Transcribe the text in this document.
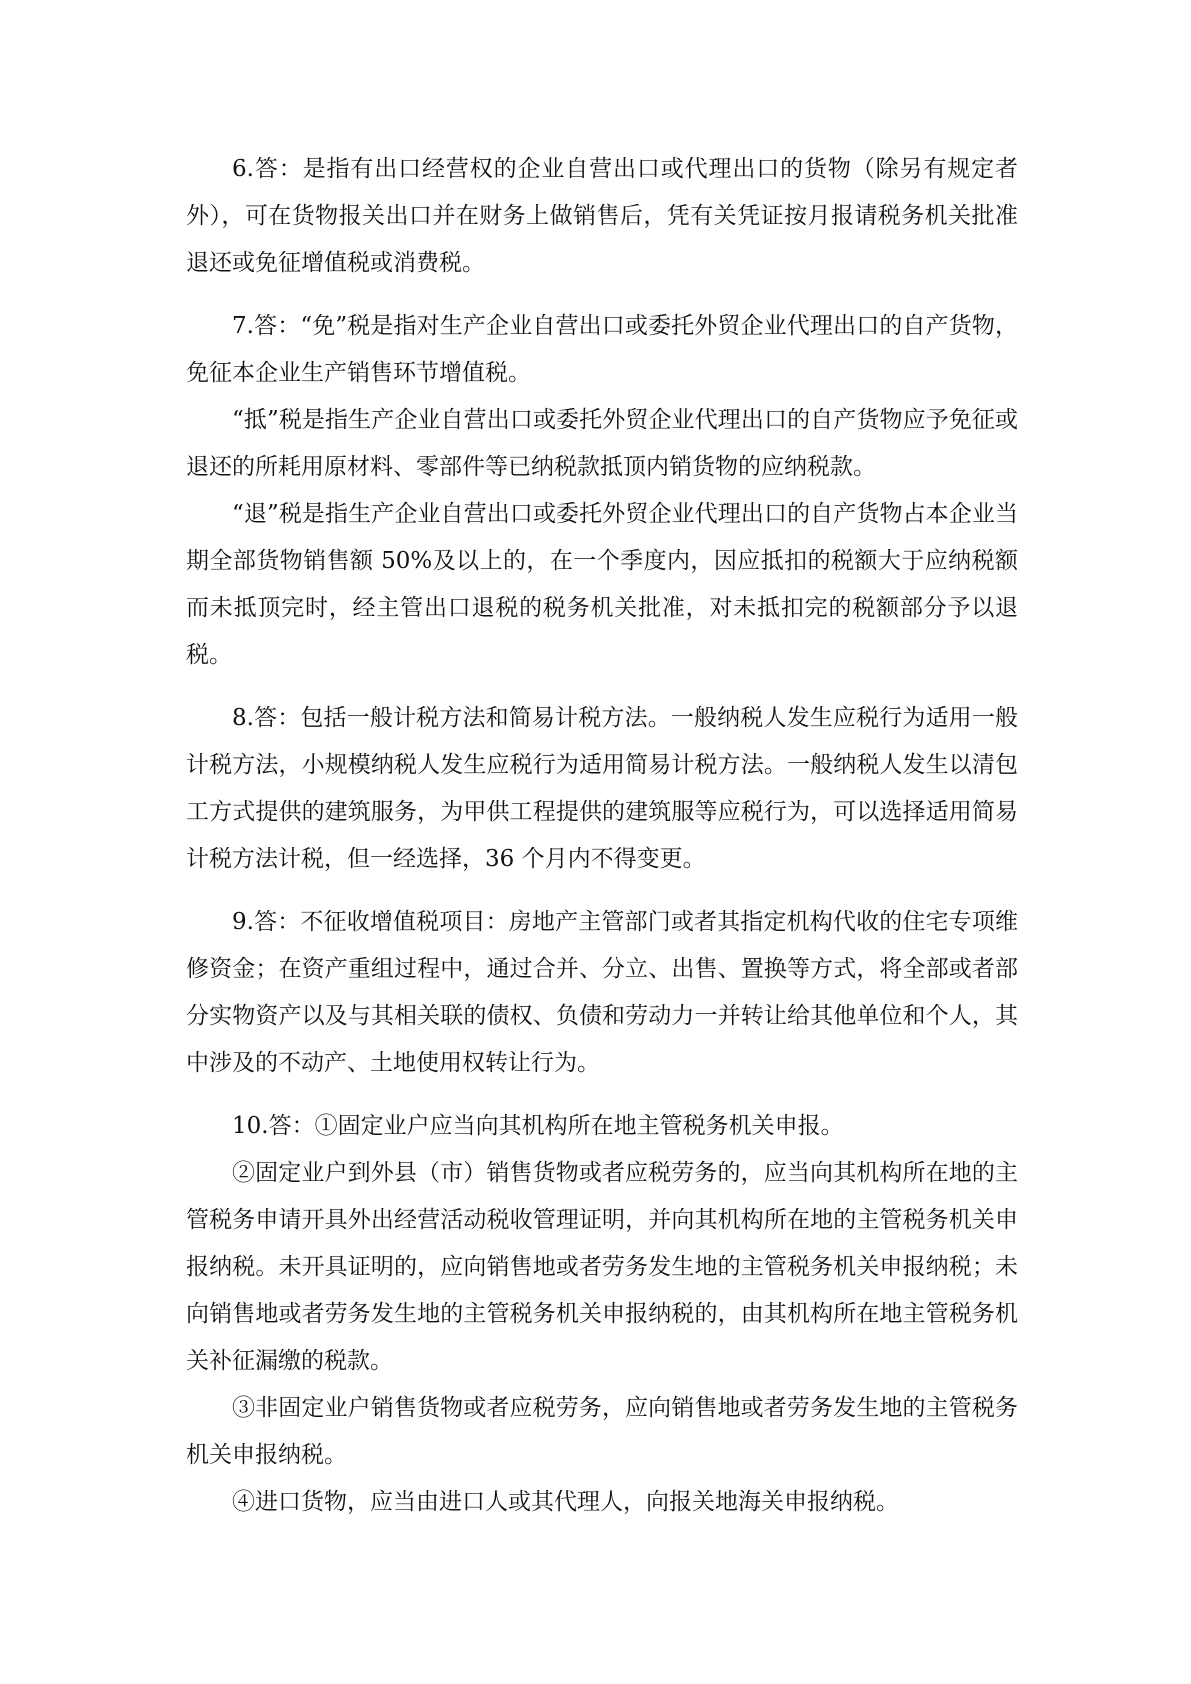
6.答：是指有出口经营权的企业自营出口或代理出口的货物（除另有规定者外），可在货物报关出口并在财务上做销售后，凭有关凭证按月报请税务机关批准退还或免征增值税或消费税。

7.答：“免”税是指对生产企业自营出口或委托外贸企业代理出口的自产货物，免征本企业生产销售环节增值税。

“抵”税是指生产企业自营出口或委托外贸企业代理出口的自产货物应予免征或退还的所耗用原材料、零部件等已纳税款抵顶内销货物的应纳税款。

“退”税是指生产企业自营出口或委托外贸企业代理出口的自产货物占本企业当期全部货物销售额 50%及以上的，在一个季度内，因应抵扣的税额大于应纳税额而未抵顶完时，经主管出口退税的税务机关批准，对未抵扣完的税额部分予以退税。

8.答：包括一般计税方法和简易计税方法。一般纳税人发生应税行为适用一般计税方法，小规模纳税人发生应税行为适用简易计税方法。一般纳税人发生以清包工方式提供的建筑服务，为甲供工程提供的建筑服等应税行为，可以选择适用简易计税方法计税，但一经选择，36 个月内不得变更。

9.答：不征收增值税项目：房地产主管部门或者其指定机构代收的住宅专项维修资金；在资产重组过程中，通过合并、分立、出售、置换等方式，将全部或者部分实物资产以及与其相关联的债权、负债和劳动力一并转让给其他单位和个人，其中涉及的不动产、土地使用权转让行为。

10.答：①固定业户应当向其机构所在地主管税务机关申报。

②固定业户到外县（市）销售货物或者应税劳务的，应当向其机构所在地的主管税务申请开具外出经营活动税收管理证明，并向其机构所在地的主管税务机关申报纳税。未开具证明的，应向销售地或者劳务发生地的主管税务机关申报纳税；未向销售地或者劳务发生地的主管税务机关申报纳税的，由其机构所在地主管税务机关补征漏缴的税款。

③非固定业户销售货物或者应税劳务，应向销售地或者劳务发生地的主管税务机关申报纳税。

④进口货物，应当由进口人或其代理人，向报关地海关申报纳税。
